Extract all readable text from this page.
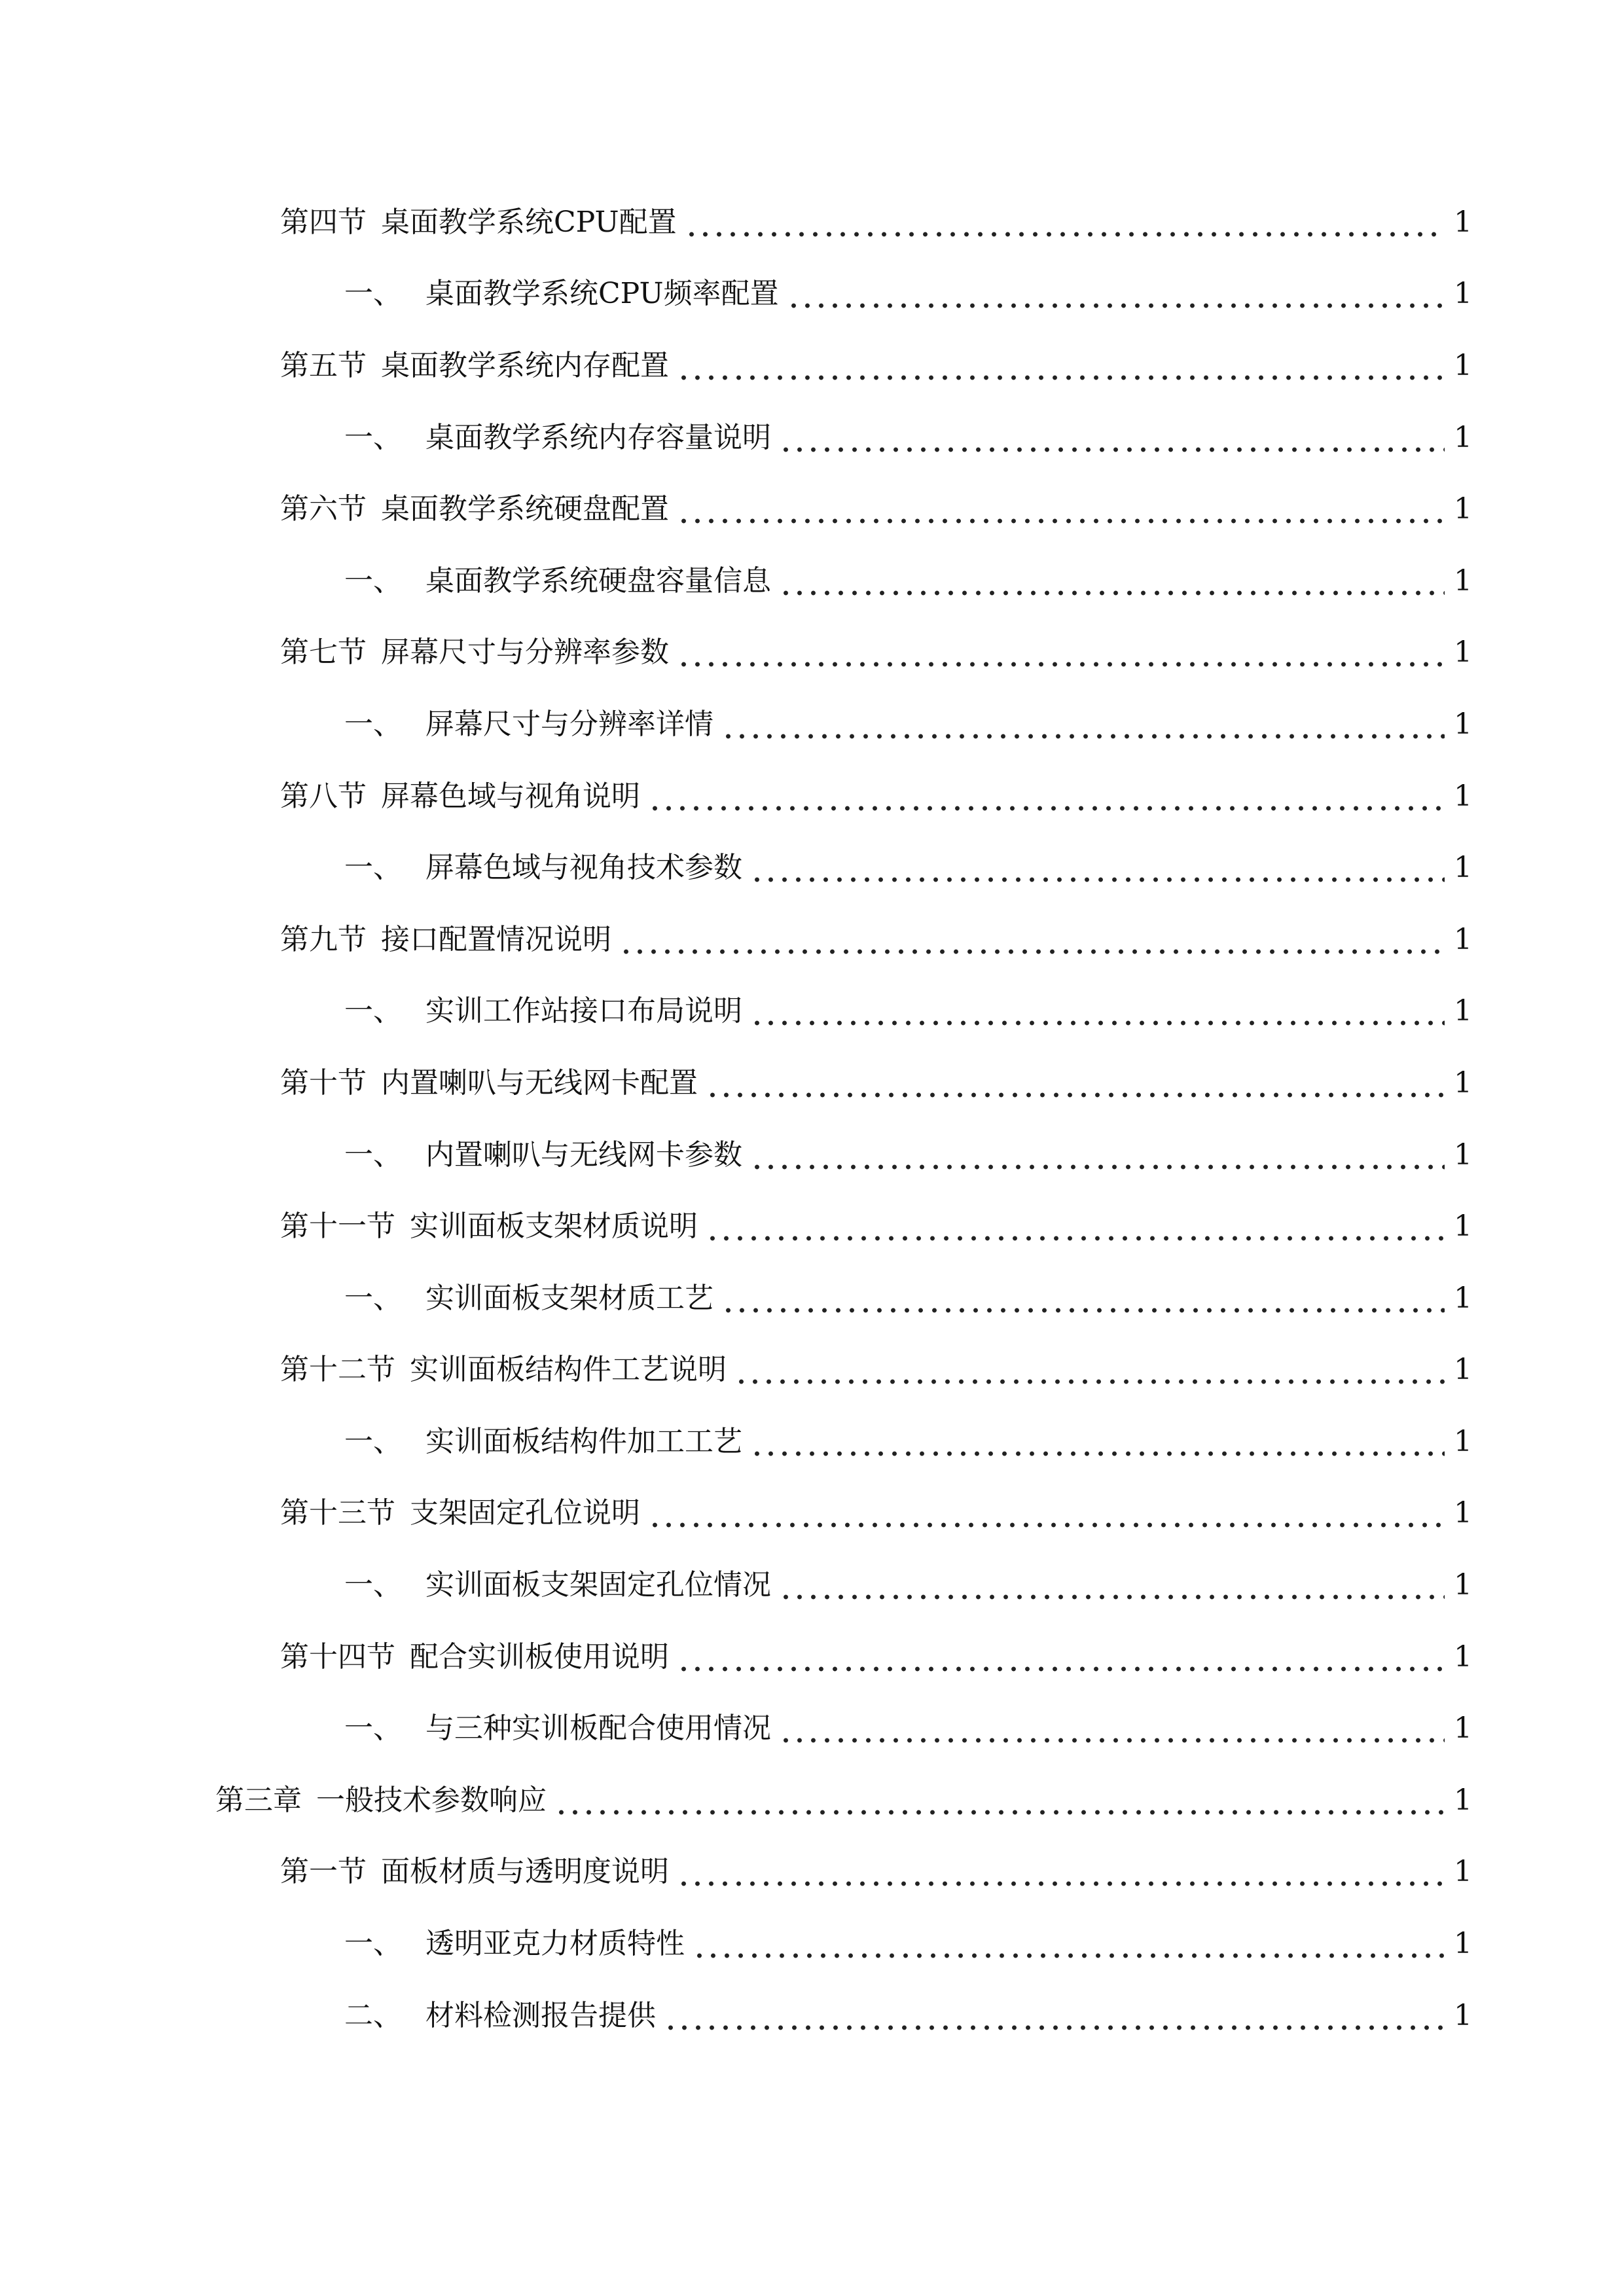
第四节 桌面教学系统CPU配置	1
一、 桌面教学系统CPU频率配置	1
第五节 桌面教学系统内存配置	1
一、 桌面教学系统内存容量说明	1
第六节 桌面教学系统硬盘配置	1
一、 桌面教学系统硬盘容量信息	1
第七节 屏幕尺寸与分辨率参数	1
一、 屏幕尺寸与分辨率详情	1
第八节 屏幕色域与视角说明	1
一、 屏幕色域与视角技术参数	1
第九节 接口配置情况说明	1
一、 实训工作站接口布局说明	1
第十节 内置喇叭与无线网卡配置	1
一、 内置喇叭与无线网卡参数	1
第十一节 实训面板支架材质说明	1
一、 实训面板支架材质工艺	1
第十二节 实训面板结构件工艺说明	1
一、 实训面板结构件加工工艺	1
第十三节 支架固定孔位说明	1
一、 实训面板支架固定孔位情况	1
第十四节 配合实训板使用说明	1
一、 与三种实训板配合使用情况	1
第三章 一般技术参数响应	1
第一节 面板材质与透明度说明	1
一、 透明亚克力材质特性	1
二、 材料检测报告提供	1
